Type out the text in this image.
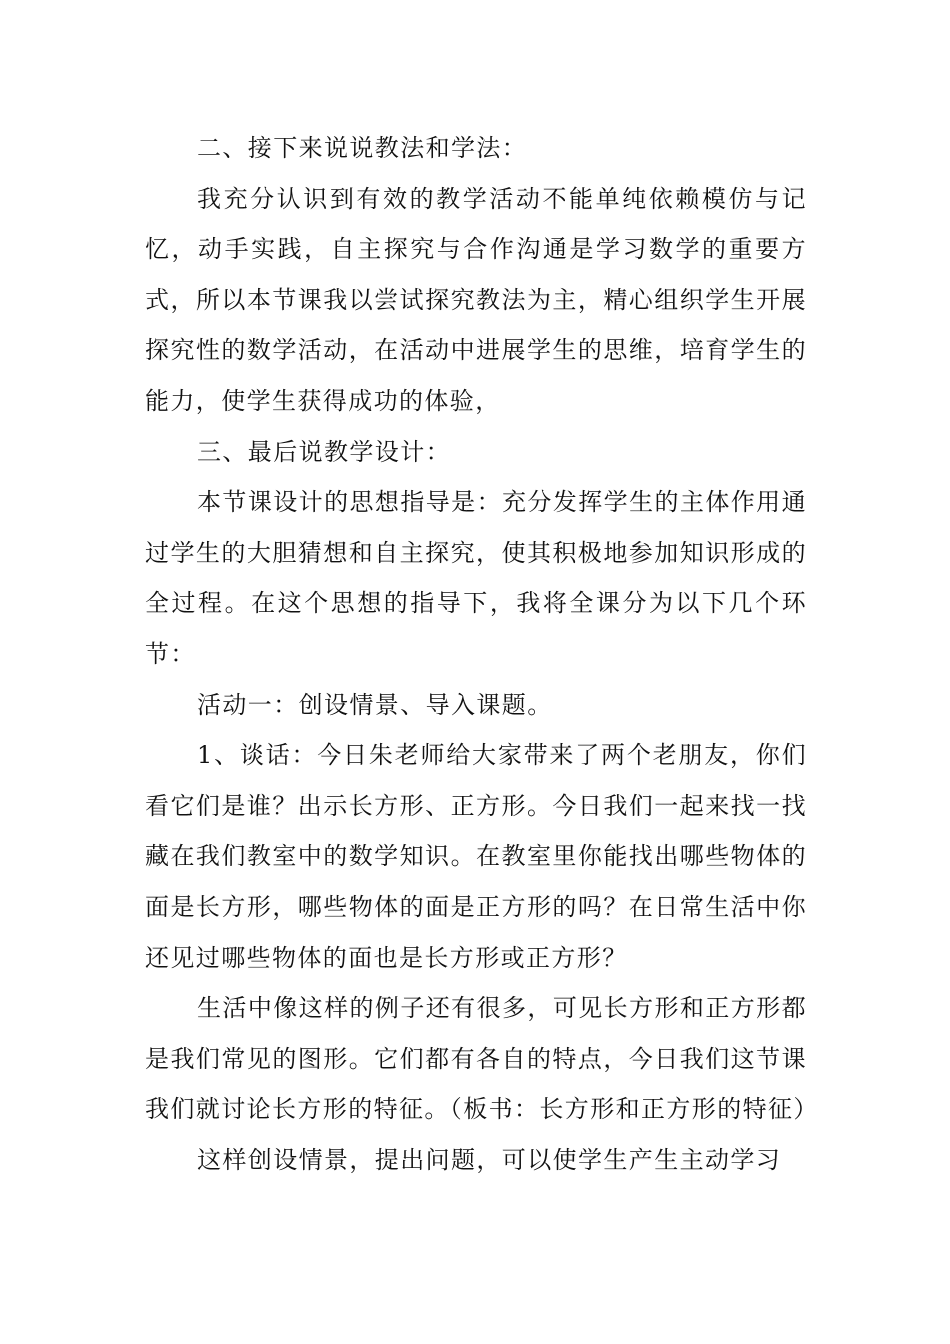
二、接下来说说教法和学法：

我充分认识到有效的教学活动不能单纯依赖模仿与记忆，动手实践，自主探究与合作沟通是学习数学的重要方式，所以本节课我以尝试探究教法为主，精心组织学生开展探究性的数学活动，在活动中进展学生的思维，培育学生的能力，使学生获得成功的体验，

三、最后说教学设计：

本节课设计的思想指导是：充分发挥学生的主体作用通过学生的大胆猜想和自主探究，使其积极地参加知识形成的全过程。在这个思想的指导下，我将全课分为以下几个环节：

活动一：创设情景、导入课题。

1、谈话：今日朱老师给大家带来了两个老朋友，你们看它们是谁？出示长方形、正方形。今日我们一起来找一找藏在我们教室中的数学知识。在教室里你能找出哪些物体的面是长方形，哪些物体的面是正方形的吗？在日常生活中你还见过哪些物体的面也是长方形或正方形？

生活中像这样的例子还有很多，可见长方形和正方形都是我们常见的图形。它们都有各自的特点，今日我们这节课我们就讨论长方形的特征。（板书：长方形和正方形的特征）

这样创设情景，提出问题，可以使学生产生主动学习
